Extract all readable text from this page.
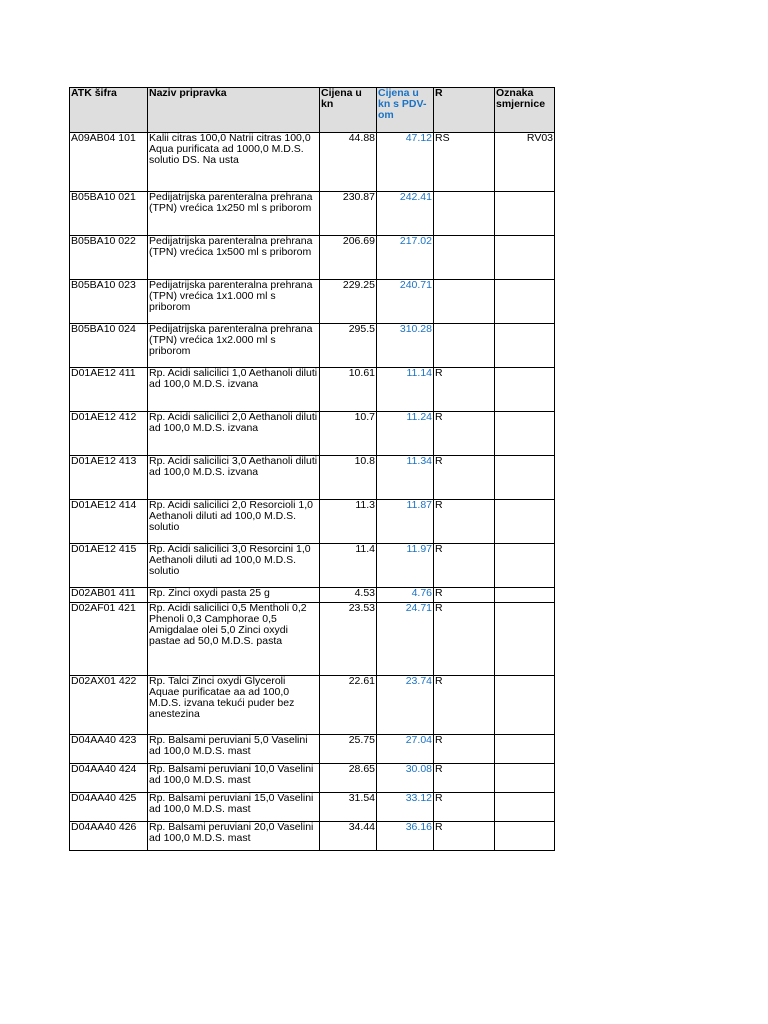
ATK šifra	Naziv pripravka	Cijena u kn	Cijena u kn s PDV-om	R	Oznaka smjernice
A09AB04 101	Kalii citras 100,0 Natrii citras 100,0 Aqua purificata ad 1000,0 M.D.S. solutio DS. Na usta	44.88	47.12	RS	RV03
B05BA10 021	Pedijatrijska parenteralna prehrana (TPN) vrećica 1x250 ml s priborom	230.87	242.41		
B05BA10 022	Pedijatrijska parenteralna prehrana (TPN) vrećica 1x500 ml s priborom	206.69	217.02		
B05BA10 023	Pedijatrijska parenteralna prehrana (TPN) vrećica 1x1.000 ml s priborom	229.25	240.71		
B05BA10 024	Pedijatrijska parenteralna prehrana (TPN) vrećica 1x2.000 ml s priborom	295.5	310.28		
D01AE12 411	Rp. Acidi salicilici 1,0 Aethanoli diluti ad 100,0 M.D.S. izvana	10.61	11.14	R	
D01AE12 412	Rp. Acidi salicilici 2,0 Aethanoli diluti ad 100,0 M.D.S. izvana	10.7	11.24	R	
D01AE12 413	Rp. Acidi salicilici 3,0 Aethanoli diluti ad 100,0 M.D.S. izvana	10.8	11.34	R	
D01AE12 414	Rp. Acidi salicilici 2,0 Resorcioli 1,0 Aethanoli diluti ad 100,0 M.D.S. solutio	11.3	11.87	R	
D01AE12 415	Rp. Acidi salicilici 3,0 Resorcini 1,0 Aethanoli diluti ad 100,0 M.D.S. solutio	11.4	11.97	R	
D02AB01 411	Rp. Zinci oxydi pasta 25 g	4.53	4.76	R	
D02AF01 421	Rp. Acidi salicilici 0,5 Mentholi 0,2 Phenoli 0,3 Camphorae 0,5 Amigdalae olei 5,0 Zinci oxydi pastae ad 50,0 M.D.S. pasta	23.53	24.71	R	
D02AX01 422	Rp. Talci Zinci oxydi Glyceroli Aquae purificatae aa ad 100,0 M.D.S. izvana tekući puder bez anestezina	22.61	23.74	R	
D04AA40 423	Rp. Balsami peruviani 5,0 Vaselini ad 100,0 M.D.S. mast	25.75	27.04	R	
D04AA40 424	Rp. Balsami peruviani 10,0 Vaselini ad 100,0 M.D.S. mast	28.65	30.08	R	
D04AA40 425	Rp. Balsami peruviani 15,0 Vaselini ad 100,0 M.D.S. mast	31.54	33.12	R	
D04AA40 426	Rp. Balsami peruviani 20,0 Vaselini ad 100,0 M.D.S. mast	34.44	36.16	R	
